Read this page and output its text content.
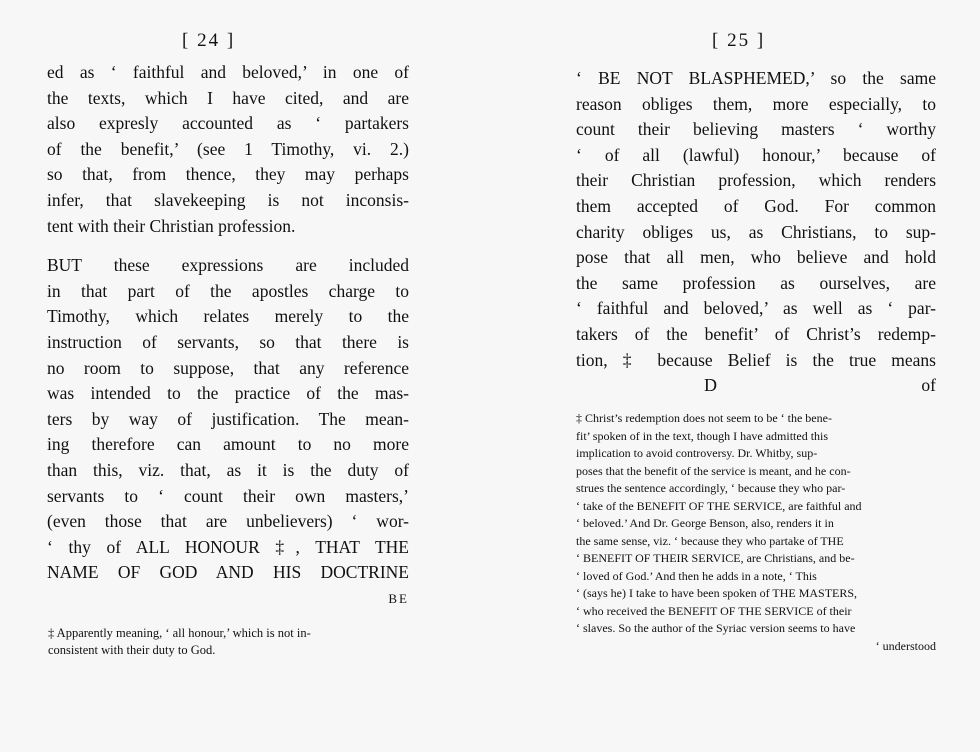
[ 24 ]
ed as ‘ faithful and beloved,’ in one of
the texts, which I have cited, and are
also expresly accounted as ‘ partakers
of the benefit,’ (see 1 Timothy, vi. 2.)
so that, from thence, they may perhaps
infer, that slavekeeping is not inconsis-
tent with their Christian profession.
BUT these expressions are included
in that part of the apostles charge to
Timothy, which relates merely to the
instruction of servants, so that there is
no room to suppose, that any reference
was intended to the practice of the mas-
ters by way of justification. The mean-
ing therefore can amount to no more
than this, viz. that, as it is the duty of
servants to ‘ count their own masters,’
(even those that are unbelievers) ‘ wor-
‘ thy of ALL HONOUR ‡, THAT THE
NAME OF GOD AND HIS DOCTRINE
BE
‡ Apparently meaning, ‘ all honour,’ which is not in-
consistent with their duty to God.
[ 25 ]
‘ BE NOT BLASPHEMED,’ so the same
reason obliges them, more especially, to
count their believing masters ‘ worthy
‘ of all (lawful) honour,’ because of
their Christian profession, which renders
them accepted of God. For common
charity obliges us, as Christians, to sup-
pose that all men, who believe and hold
the same profession as ourselves, are
‘ faithful and beloved,’ as well as ‘ par-
takers of the benefit’ of Christ’s redemp-
tion, ‡ because Belief is the true means
D	of
‡ Christ’s redemption does not seem to be ‘ the bene-
fit’ spoken of in the text, though I have admitted this
implication to avoid controversy. Dr. Whitby, sup-
poses that the benefit of the service is meant, and he con-
strues the sentence accordingly, ‘ because they who par-
‘ take of the BENEFIT OF THE SERVICE, are faithful and
‘ beloved.’ And Dr. George Benson, also, renders it in
the same sense, viz. ‘ because they who partake of THE
‘ BENEFIT OF THEIR SERVICE, are Christians, and be-
‘ loved of God.’ And then he adds in a note, ‘ This
‘ (says he) I take to have been spoken of THE MASTERS,
‘ who received the BENEFIT OF THE SERVICE of their
‘ slaves. So the author of the Syriac version seems to have
‘ understood
